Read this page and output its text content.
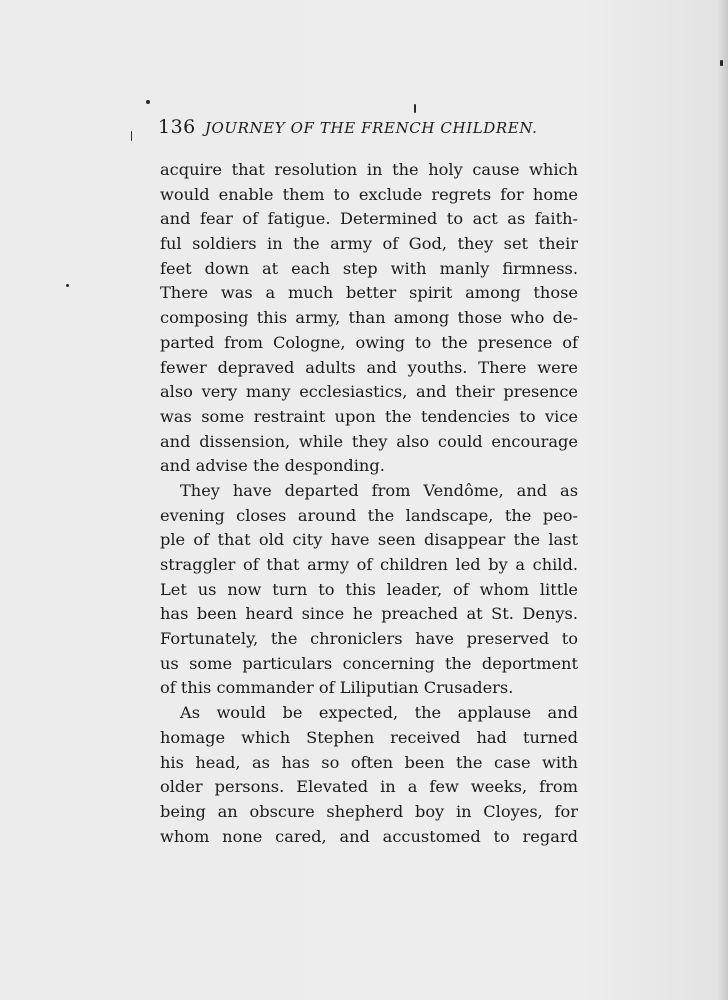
136 JOURNEY OF THE FRENCH CHILDREN.
acquire that resolution in the holy cause which
would enable them to exclude regrets for home
and fear of fatigue. Determined to act as faith-
ful soldiers in the army of God, they set their
feet down at each step with manly firmness.
There was a much better spirit among those
composing this army, than among those who de-
parted from Cologne, owing to the presence of
fewer depraved adults and youths. There were
also very many ecclesiastics, and their presence
was some restraint upon the tendencies to vice
and dissension, while they also could encourage
and advise the desponding.
They have departed from Vendôme, and as
evening closes around the landscape, the peo-
ple of that old city have seen disappear the last
straggler of that army of children led by a child.
Let us now turn to this leader, of whom little
has been heard since he preached at St. Denys.
Fortunately, the chroniclers have preserved to
us some particulars concerning the deportment
of this commander of Liliputian Crusaders.
As would be expected, the applause and
homage which Stephen received had turned
his head, as has so often been the case with
older persons. Elevated in a few weeks, from
being an obscure shepherd boy in Cloyes, for
whom none cared, and accustomed to regard
